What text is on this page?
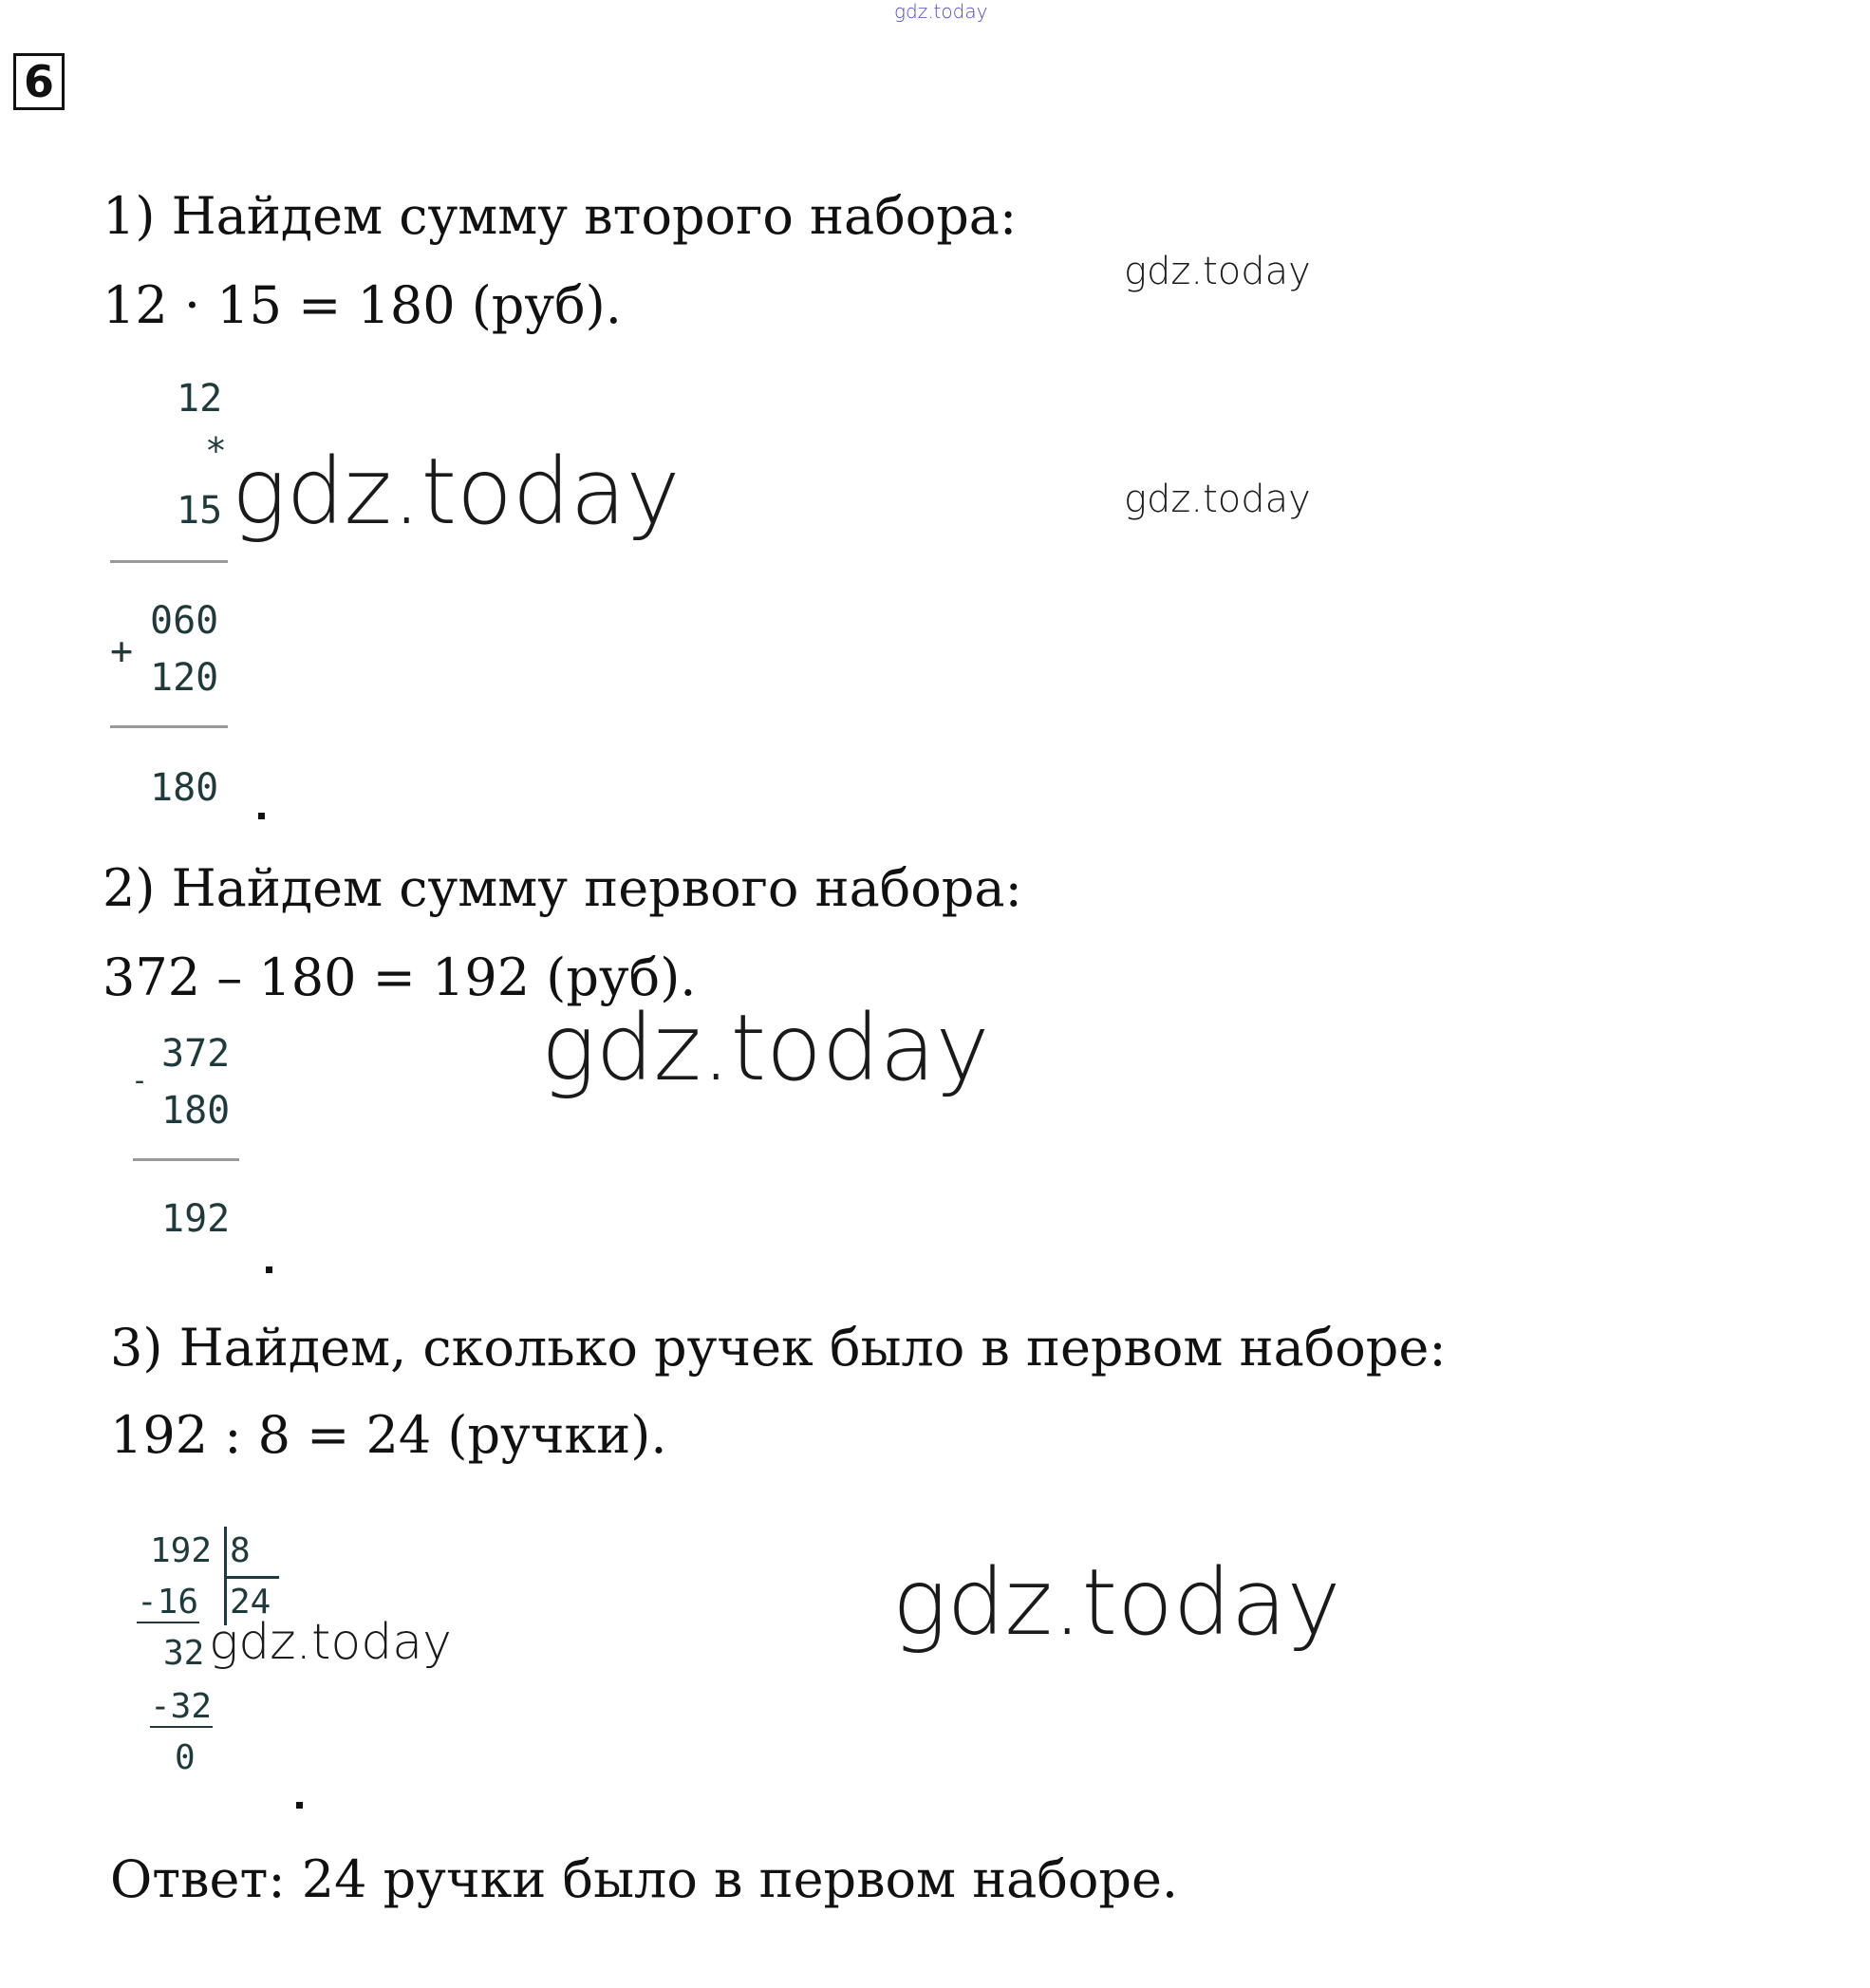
gdz.today
6
1) Найдем сумму второго набора:
12 · 15 = 180 (руб).
gdz.today
12
*
15
060
+
120
180
gdz.today	gdz.today
2) Найдем сумму первого набора:
372 – 180 = 192 (руб).
-
372
180
192
gdz.today
3) Найдем, сколько ручек было в первом наборе:
192 : 8 = 24 (ручки).
192 8
-16 24
32
-32
0
gdz.today	gdz.today
Ответ: 24 ручки было в первом наборе.
